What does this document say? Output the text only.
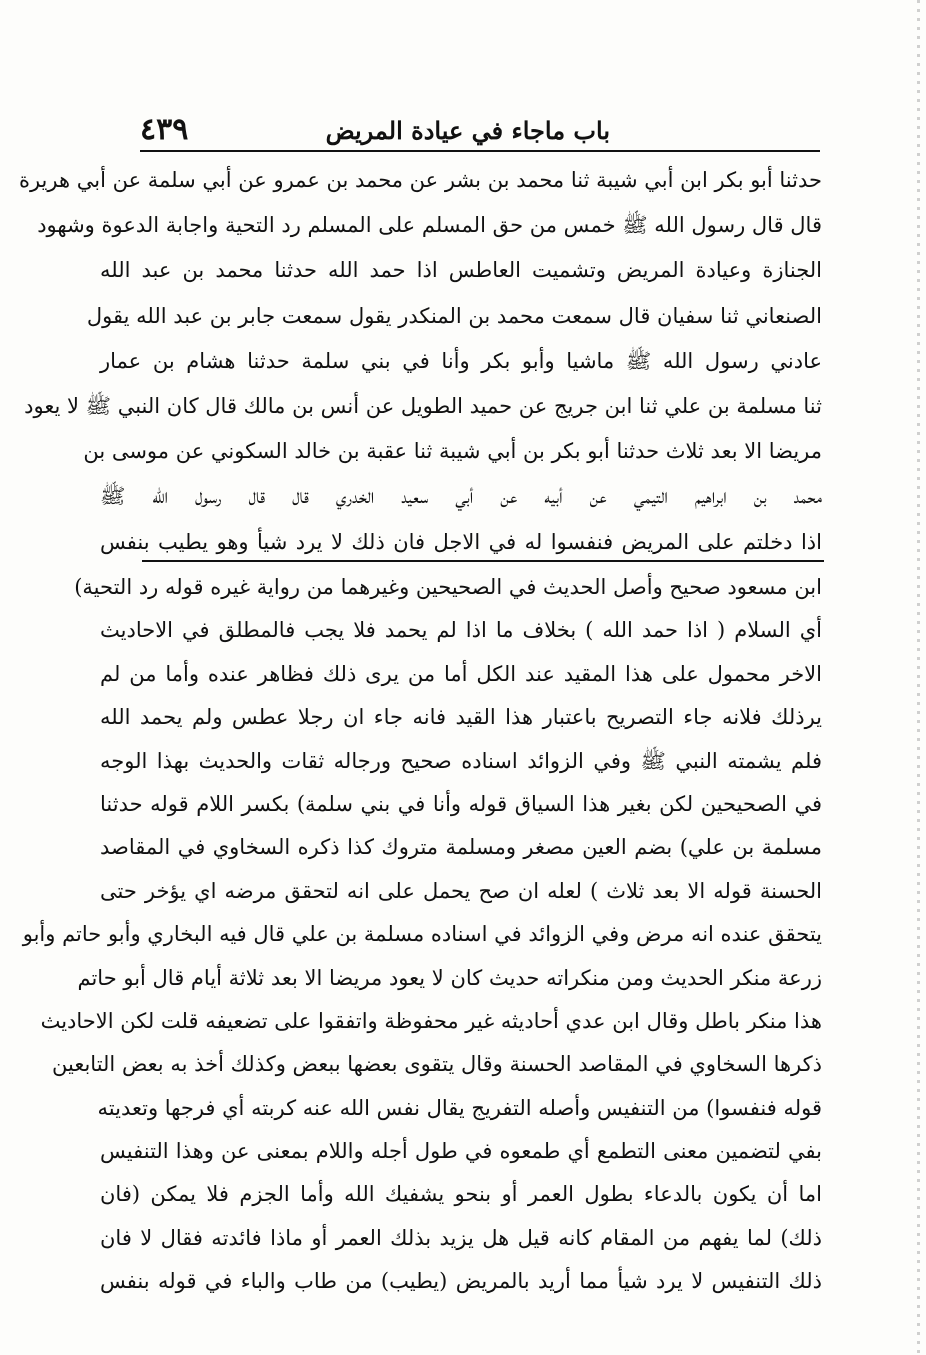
باب ماجاء في عيادة المريض
٤٣٩
حدثنا أبو بكر ابن أبي شيبة ثنا محمد بن بشر عن محمد بن عمرو عن أبي سلمة عن أبي هريرة
قال قال رسول الله ﷺ خمس من حق المسلم على المسلم رد التحية واجابة الدعوة وشهود
الجنازة وعيادة المريض وتشميت العاطس اذا حمد الله حدثنا محمد بن عبد الله
الصنعاني ثنا سفيان قال سمعت محمد بن المنكدر يقول سمعت جابر بن عبد الله يقول
عادني رسول الله ﷺ ماشيا وأبو بكر وأنا في بني سلمة حدثنا هشام بن عمار
ثنا مسلمة بن علي ثنا ابن جريج عن حميد الطويل عن أنس بن مالك قال كان النبي ﷺ لا يعود
مريضا الا بعد ثلاث حدثنا أبو بكر بن أبي شيبة ثنا عقبة بن خالد السكوني عن موسى بن
محمد بن ابراهيم التيمي عن أبيه عن أبي سعيد الخدري قال قال رسول الله ﷺ
اذا دخلتم على المريض فنفسوا له في الاجل فان ذلك لا يرد شيأ وهو يطيب بنفس
ابن مسعود صحيح وأصل الحديث في الصحيحين وغيرهما من رواية غيره قوله رد التحية)
أي السلام ( اذا حمد الله ) بخلاف ما اذا لم يحمد فلا يجب فالمطلق في الاحاديث
الاخر محمول على هذا المقيد عند الكل أما من يرى ذلك فظاهر عنده وأما من لم
يرذلك فلانه جاء التصريح باعتبار هذا القيد فانه جاء ان رجلا عطس ولم يحمد الله
فلم يشمته النبي ﷺ وفي الزوائد اسناده صحيح ورجاله ثقات والحديث بهذا الوجه
في الصحيحين لكن بغير هذا السياق قوله وأنا في بني سلمة) بكسر اللام قوله حدثنا
مسلمة بن علي) بضم العين مصغر ومسلمة متروك كذا ذكره السخاوي في المقاصد
الحسنة قوله الا بعد ثلاث ) لعله ان صح يحمل على انه لتحقق مرضه اي يؤخر حتى
يتحقق عنده انه مرض وفي الزوائد في اسناده مسلمة بن علي قال فيه البخاري وأبو حاتم وأبو
زرعة منكر الحديث ومن منكراته حديث كان لا يعود مريضا الا بعد ثلاثة أيام قال أبو حاتم
هذا منكر باطل وقال ابن عدي أحاديثه غير محفوظة واتفقوا على تضعيفه قلت لكن الاحاديث
ذكرها السخاوي في المقاصد الحسنة وقال يتقوى بعضها ببعض وكذلك أخذ به بعض التابعين
قوله فنفسوا) من التنفيس وأصله التفريج يقال نفس الله عنه كربته أي فرجها وتعديته
بفي لتضمين معنى التطمع أي طمعوه في طول أجله واللام بمعنى عن وهذا التنفيس
اما أن يكون بالدعاء بطول العمر أو بنحو يشفيك الله وأما الجزم فلا يمكن (فان
ذلك) لما يفهم من المقام كانه قيل هل يزيد بذلك العمر أو ماذا فائدته فقال لا فان
ذلك التنفيس لا يرد شيأ مما أريد بالمريض (يطيب) من طاب والباء في قوله بنفس
